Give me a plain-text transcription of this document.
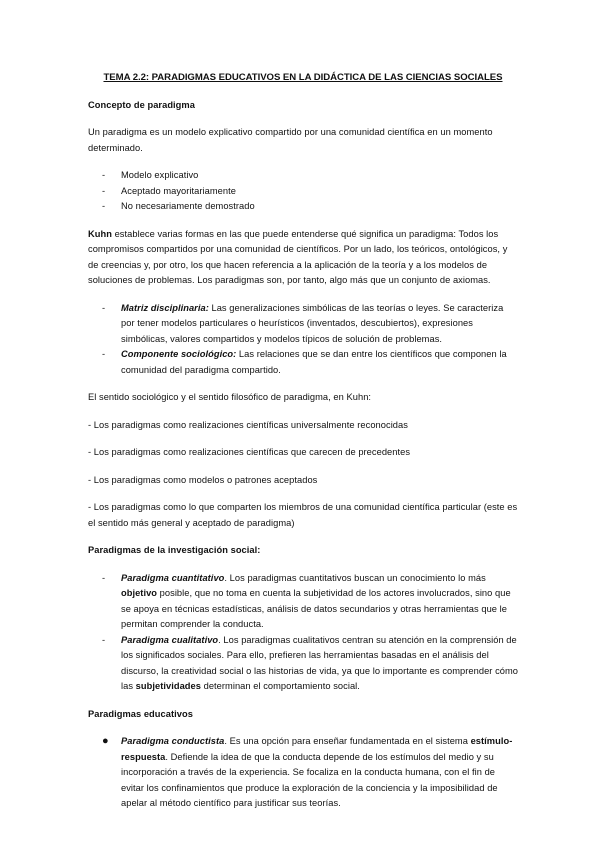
TEMA 2.2: PARADIGMAS EDUCATIVOS EN LA DIDÁCTICA DE LAS CIENCIAS SOCIALES
Concepto de paradigma

Un paradigma es un modelo explicativo compartido por una comunidad científica en un momento determinado.

- Modelo explicativo
- Aceptado mayoritariamente
- No necesariamente demostrado

Kuhn establece varias formas en las que puede entenderse qué significa un paradigma: Todos los compromisos compartidos por una comunidad de científicos. Por un lado, los teóricos, ontológicos, y de creencias y, por otro, los que hacen referencia a la aplicación de la teoría y a los modelos de soluciones de problemas. Los paradigmas son, por tanto, algo más que un conjunto de axiomas.

- Matriz disciplinaria: Las generalizaciones simbólicas de las teorías o leyes. Se caracteriza por tener modelos particulares o heurísticos (inventados, descubiertos), expresiones simbólicas, valores compartidos y modelos típicos de solución de problemas.
- Componente sociológico: Las relaciones que se dan entre los científicos que componen la comunidad del paradigma compartido.

El sentido sociológico y el sentido filosófico de paradigma, en Kuhn:

- Los paradigmas como realizaciones científicas universalmente reconocidas

- Los paradigmas como realizaciones científicas que carecen de precedentes

- Los paradigmas como modelos o patrones aceptados

- Los paradigmas como lo que comparten los miembros de una comunidad científica particular (este es el sentido más general y aceptado de paradigma)

Paradigmas de la investigación social:
- Paradigma cuantitativo. Los paradigmas cuantitativos buscan un conocimiento lo más objetivo posible, que no toma en cuenta la subjetividad de los actores involucrados, sino que se apoya en técnicas estadísticas, análisis de datos secundarios y otras herramientas que le permitan comprender la conducta.
- Paradigma cualitativo. Los paradigmas cualitativos centran su atención en la comprensión de los significados sociales. Para ello, prefieren las herramientas basadas en el análisis del discurso, la creatividad social o las historias de vida, ya que lo importante es comprender cómo las subjetividades determinan el comportamiento social.
Paradigmas educativos
● Paradigma conductista. Es una opción para enseñar fundamentada en el sistema estímulo-respuesta. Defiende la idea de que la conducta depende de los estímulos del medio y su incorporación a través de la experiencia. Se focaliza en la conducta humana, con el fin de evitar los confinamientos que produce la exploración de la conciencia y la imposibilidad de apelar al método científico para justificar sus teorías.
